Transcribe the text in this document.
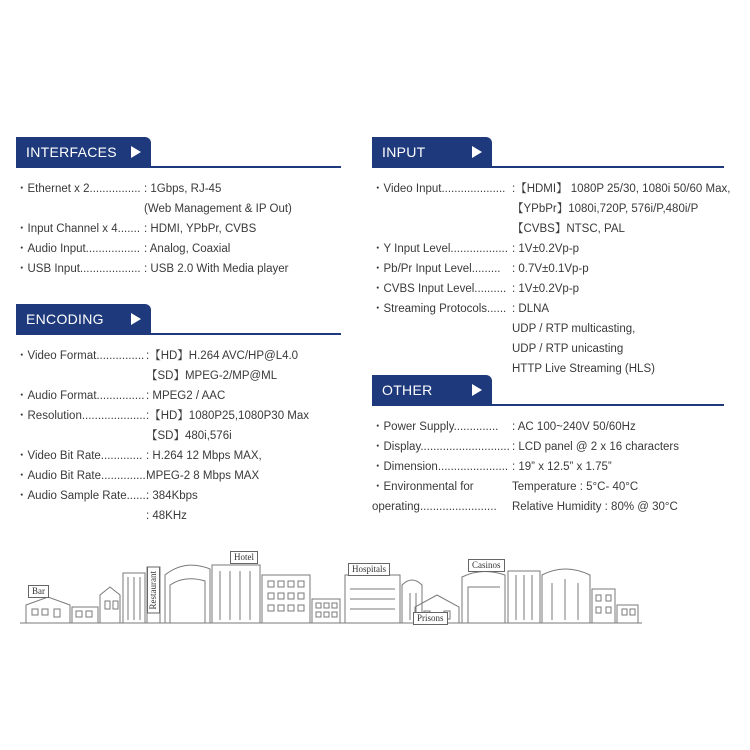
INTERFACES
・Ethernet x 2................ : 1Gbps, RJ-45
(Web Management & IP Out)
・Input Channel x 4....... : HDMI, YPbPr, CVBS
・Audio Input................. : Analog, Coaxial
・USB Input................... : USB 2.0 With Media player
ENCODING
・Video Format............... :【HD】H.264 AVC/HP@L4.0
【SD】MPEG-2/MP@ML
・Audio Format............... : MPEG2 / AAC
・Resolution.................... :【HD】1080P25,1080P30 Max
【SD】480i,576i
・Video Bit Rate............. : H.264 12 Mbps MAX,
・Audio Bit Rate.............. MPEG-2 8 Mbps MAX
・Audio Sample Rate.......
: 384Kbps
: 48KHz
INPUT
・Video Input.................... :【HDMI】 1080P 25/30, 1080i 50/60 Max,
【YPbPr】1080i,720P, 576i/P,480i/P
【CVBS】NTSC, PAL
・Y Input Level.................. : 1V±0.2Vp-p
・Pb/Pr Input Level......... : 0.7V±0.1Vp-p
・CVBS Input Level.......... : 1V±0.2Vp-p
・Streaming Protocols...... : DLNA
UDP / RTP multicasting,
UDP / RTP unicasting
HTTP Live Streaming (HLS)
OTHER
・Power Supply.............. : AC 100~240V 50/60Hz
・Display............................ : LCD panel @ 2 x 16 characters
・Dimension...................... : 19” x 12.5” x 1.75”
・Environmental for	Temperature : 5°C- 40°C
operating........................ Relative Humidity : 80% @ 30°C
Bar	Restaurant
Hotel
Hospitals
Prisons
Casinos
